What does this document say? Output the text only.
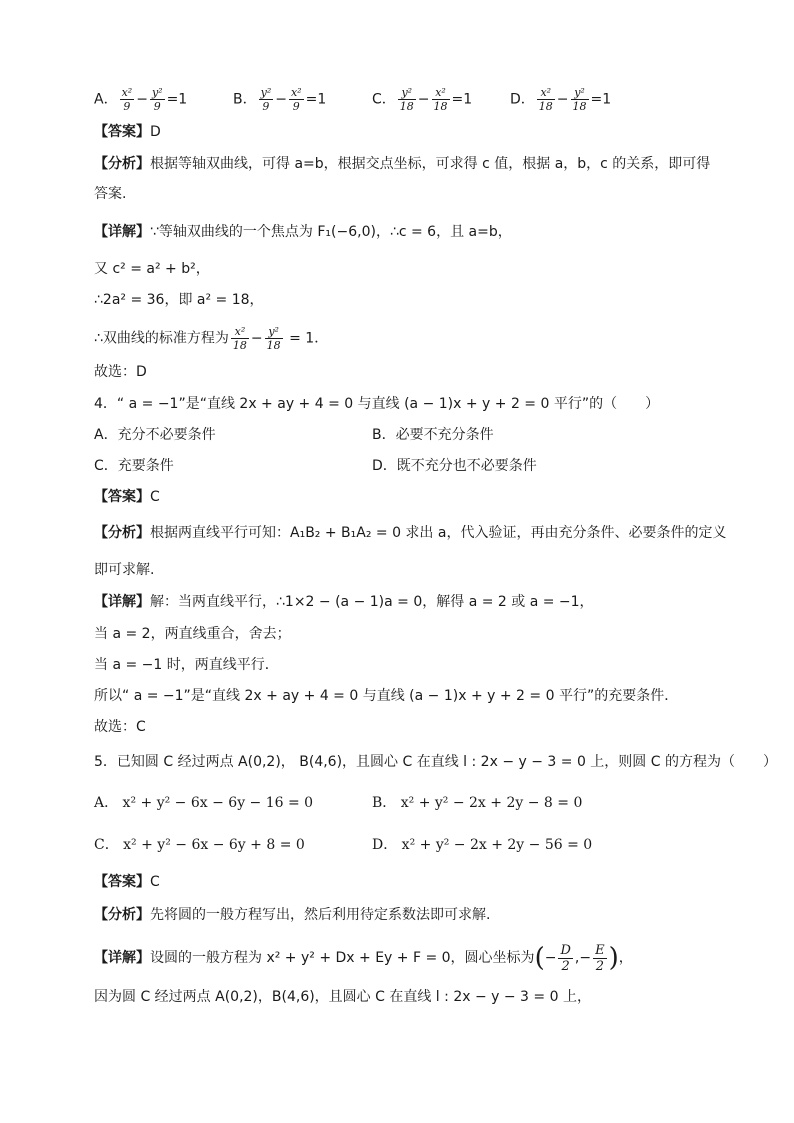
A． $\frac{\text{x²}}{9} - \frac{\text{y²}}{9} =1$	B． $\frac{\text{y²}}{9} - \frac{\text{x²}}{9} =1$	C． $\frac{\text{y²}}{18} - \frac{\text{x²}}{18} =1$	D． $\frac{\text{x²}}{18} - \frac{\text{y²}}{18} =1$
【答案】D
【分析】根据等轴双曲线，可得 a=b，根据交点坐标，可求得 c 值，根据 a，b，c 的关系，即可得
答案.
【详解】∵等轴双曲线的一个焦点为 F₁(−6,0)，∴c = 6，且 a=b，
又 c² = a² + b²，
∴2a² = 36，即 a² = 18，
∴双曲线的标准方程为 $\frac{\text{x²}}{18} - \frac{\text{y²}}{18} = 1$．
故选：D
4．“ a = −1”是“直线 2x + ay + 4 = 0 与直线 (a − 1)x + y + 2 = 0 平行”的（　　）
A．充分不必要条件	B．必要不充分条件
C．充要条件	D．既不充分也不必要条件
【答案】C
【分析】根据两直线平行可知：A₁B₂ + B₁A₂ = 0 求出 a，代入验证，再由充分条件、必要条件的定义
即可求解.
【详解】解：当两直线平行，∴1×2 − (a − 1)a = 0，解得 a = 2 或 a = −1，
当 a = 2，两直线重合，舍去；
当 a = −1 时，两直线平行．
所以“ a = −1”是“直线 2x + ay + 4 = 0 与直线 (a − 1)x + y + 2 = 0 平行”的充要条件．
故选：C
5．已知圆 C 经过两点 A(0,2)， B(4,6)，且圆心 C 在直线 l : 2x − y − 3 = 0 上，则圆 C 的方程为（　　）
A． x² + y² − 6x − 6y − 16 = 0	B． x² + y² − 2x + 2y − 8 = 0
C． x² + y² − 6x − 6y + 8 = 0	D． x² + y² − 2x + 2y − 56 = 0
【答案】C
【分析】先将圆的一般方程写出，然后利用待定系数法即可求解.
【详解】设圆的一般方程为 x² + y² + Dx + Ey + F = 0，圆心坐标为(− $\frac{D}{2}$ ,− $\frac{E}{2}$ )，
因为圆 C 经过两点 A(0,2)，B(4,6)，且圆心 C 在直线 l : 2x − y − 3 = 0 上，
